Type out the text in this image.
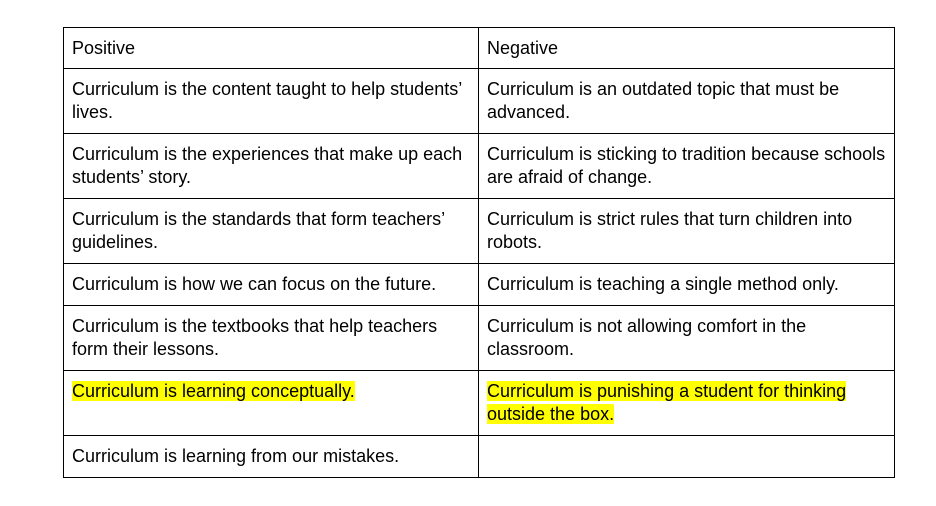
Positive	Negative
Curriculum is the content taught to help students’ lives.	Curriculum is an outdated topic that must be advanced.
Curriculum is the experiences that make up each students’ story.	Curriculum is sticking to tradition because schools are afraid of change.
Curriculum is the standards that form teachers’ guidelines.	Curriculum is strict rules that turn children into robots.
Curriculum is how we can focus on the future.	Curriculum is teaching a single method only.
Curriculum is the textbooks that help teachers form their lessons.	Curriculum is not allowing comfort in the classroom.
Curriculum is learning conceptually.	Curriculum is punishing a student for thinking outside the box.
Curriculum is learning from our mistakes.	
